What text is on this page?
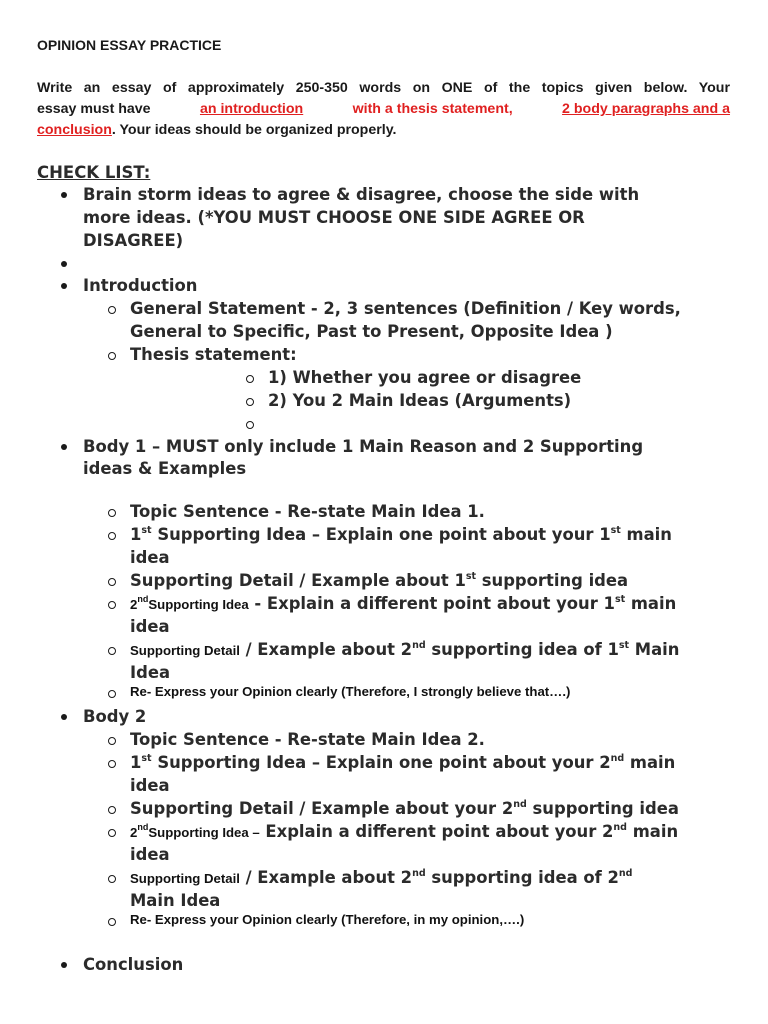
OPINION ESSAY PRACTICE
Write an essay of approximately 250-350 words on ONE of the topics given below. Your
essay must have	an introduction	with a thesis statement,	2 body paragraphs and a
conclusion. Your ideas should be organized properly.
CHECK LIST:
Brain storm ideas to agree & disagree, choose the side with
more ideas. (*YOU MUST CHOOSE ONE SIDE AGREE OR
DISAGREE)
Introduction
General Statement - 2, 3 sentences (Definition / Key words,
General to Specific, Past to Present, Opposite Idea )
Thesis statement:
1) Whether you agree or disagree
2) You 2 Main Ideas (Arguments)
Body 1 – MUST only include 1 Main Reason and 2 Supporting
ideas & Examples
Topic Sentence - Re-state Main Idea 1.
1st Supporting Idea – Explain one point about your 1st main
idea
Supporting Detail / Example about 1st supporting idea
2ndSupporting Idea - Explain a different point about your 1st main
idea
Supporting Detail / Example about 2nd supporting idea of 1st Main
Idea
Re- Express your Opinion clearly (Therefore, I strongly believe that….)
Body 2
Topic Sentence - Re-state Main Idea 2.
1st Supporting Idea – Explain one point about your 2nd main
idea
Supporting Detail / Example about your 2nd supporting idea
2ndSupporting Idea – Explain a different point about your 2nd main
idea
Supporting Detail / Example about 2nd supporting idea of 2nd
Main Idea
Re- Express your Opinion clearly (Therefore, in my opinion,….)
Conclusion
